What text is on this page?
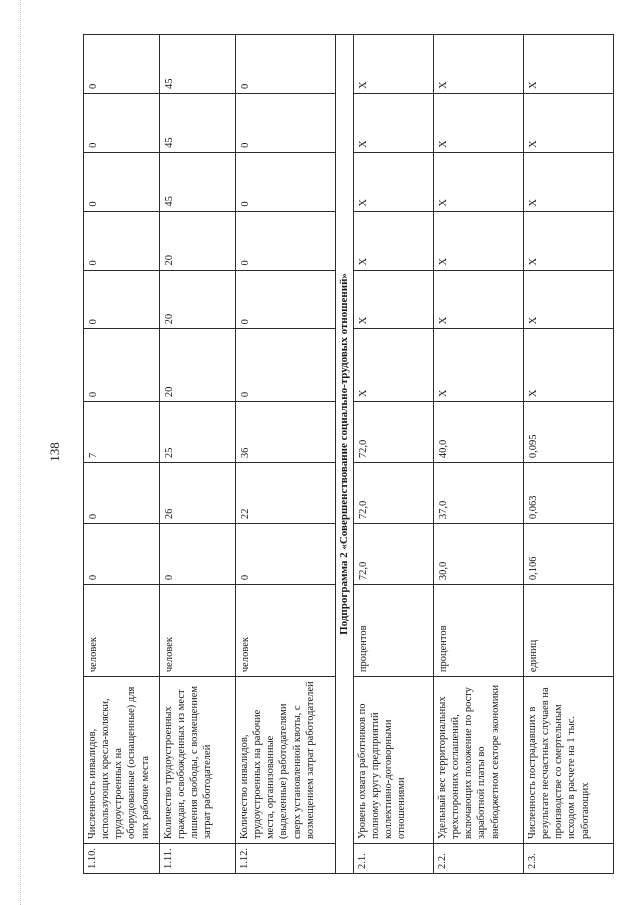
138
1.10.	Численность инвалидов, использующих кресла-коляски, трудоустроенных на оборудованные (оснащенные) для них рабочие места	человек	0	0	7	0	0	0	0	0	0
1.11.	Количество трудоустроенных граждан, освобожденных из мест лишения свободы, с возмещением затрат работодателей	человек	0	26	25	20	20	20	45	45	45
1.12.	Количество инвалидов, трудоустроенных на рабочие места, организованные (выделенные) работодателями сверх установленной квоты, с возмещением затрат работодателей	человек	0	22	36	0	0	0	0	0	0
Подпрограмма 2 «Совершенствование социально-трудовых отношений»											
2.1.	Уровень охвата работников по полному кругу предприятий коллективно-договорными отношениями	процентов	72,0	72,0	72,0	X	X	X	X	X	X
2.2.	Удельный вес территориальных трехсторонних соглашений, включающих положение по росту заработной платы во внебюджетном секторе экономики	процентов	30,0	37,0	40,0	X	X	X	X	X	X
2.3.	Численность пострадавших в результате несчастных случаев на производстве со смертельным исходом в расчете на 1 тыс. работающих	единиц	0,106	0,063	0,095	X	X	X	X	X	X
